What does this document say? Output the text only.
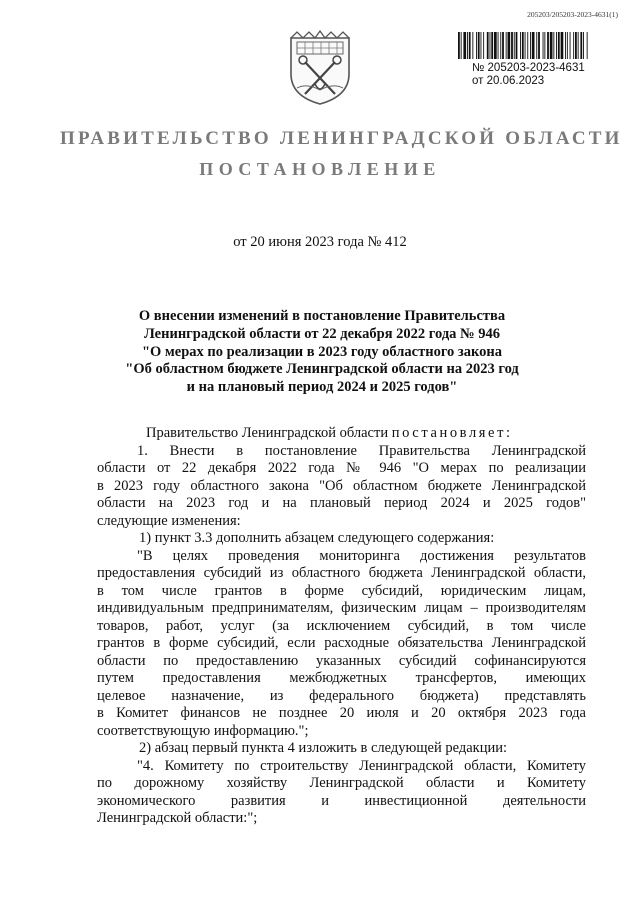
205203/205203-2023-4631(1)
№ 205203-2023-4631
от 20.06.2023
ПРАВИТЕЛЬСТВО ЛЕНИНГРАДСКОЙ ОБЛАСТИ
ПОСТАНОВЛЕНИЕ
от 20 июня 2023 года № 412
О внесении изменений в постановление Правительства
Ленинградской области от 22 декабря 2022 года № 946
"О мерах по реализации в 2023 году областного закона
"Об областном бюджете Ленинградской области на 2023 год
и на плановый период 2024 и 2025 годов"
Правительство Ленинградской области постановляет:
1. Внести в постановление Правительства Ленинградской
области от 22 декабря 2022 года № 946 "О мерах по реализации
в 2023 году областного закона "Об областном бюджете Ленинградской
области на 2023 год и на плановый период 2024 и 2025 годов"
следующие изменения:
1) пункт 3.3 дополнить абзацем следующего содержания:
"В целях проведения мониторинга достижения результатов
предоставления субсидий из областного бюджета Ленинградской области,
в том числе грантов в форме субсидий, юридическим лицам,
индивидуальным предпринимателям, физическим лицам – производителям
товаров, работ, услуг (за исключением субсидий, в том числе
грантов в форме субсидий, если расходные обязательства Ленинградской
области по предоставлению указанных субсидий софинансируются
путем предоставления межбюджетных трансфертов, имеющих
целевое назначение, из федерального бюджета) представлять
в Комитет финансов не позднее 20 июля и 20 октября 2023 года
соответствующую информацию.";
2) абзац первый пункта 4 изложить в следующей редакции:
"4. Комитету по строительству Ленинградской области, Комитету
по дорожному хозяйству Ленинградской области и Комитету
экономического развития и инвестиционной деятельности
Ленинградской области:";
